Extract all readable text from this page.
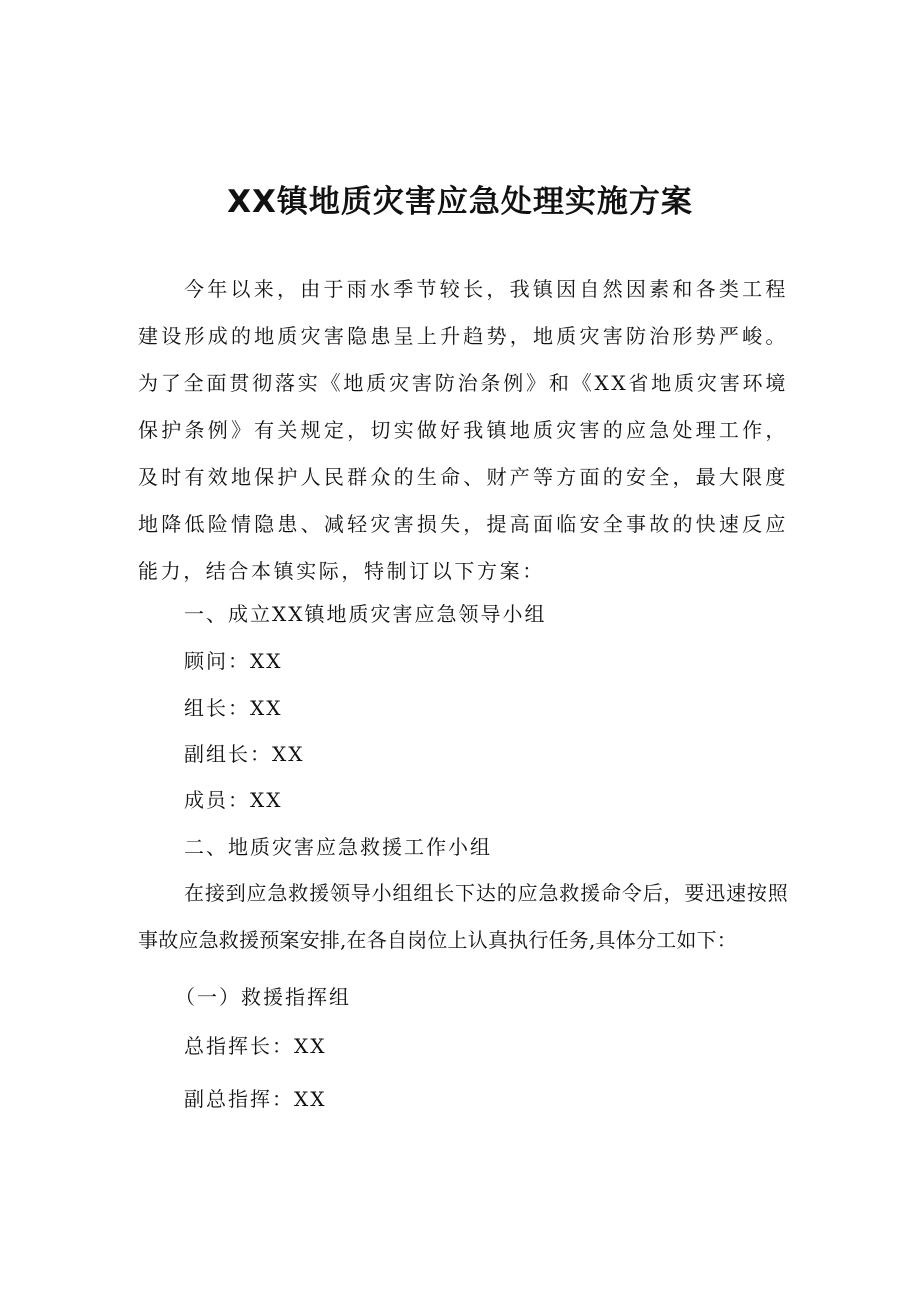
XX镇地质灾害应急处理实施方案

今年以来，由于雨水季节较长，我镇因自然因素和各类工程建设形成的地质灾害隐患呈上升趋势，地质灾害防治形势严峻。为了全面贯彻落实《地质灾害防治条例》和《XX省地质灾害环境保护条例》有关规定，切实做好我镇地质灾害的应急处理工作，及时有效地保护人民群众的生命、财产等方面的安全，最大限度地降低险情隐患、减轻灾害损失，提高面临安全事故的快速反应能力，结合本镇实际，特制订以下方案：

一、成立XX镇地质灾害应急领导小组

顾问：XX

组长：XX

副组长：XX

成员：XX

二、地质灾害应急救援工作小组

在接到应急救援领导小组组长下达的应急救援命令后，要迅速按照事故应急救援预案安排,在各自岗位上认真执行任务,具体分工如下：

（一）救援指挥组

总指挥长：XX

副总指挥：XX
